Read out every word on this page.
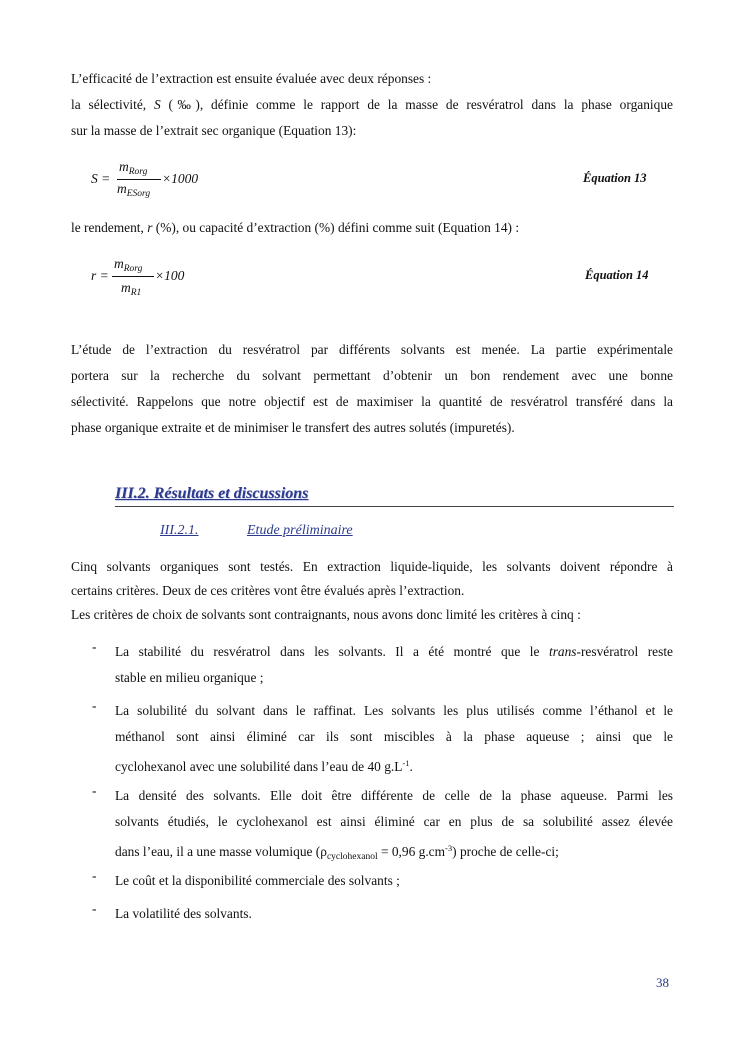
L’efficacité de l’extraction est ensuite évaluée avec deux réponses :
la sélectivité, S (‰), définie comme le rapport de la masse de resvératrol dans la phase organique
sur la masse de l’extrait sec organique (Equation 13):
S =
$m_{Rorg}$
$m_{ESorg}$
×1000	Équation 13
le rendement, r (%), ou capacité d’extraction (%) défini comme suit (Equation 14) :
r =
$m_{Rorg}$
$m_{R1}$
×100	Équation 14
L’étude de l’extraction du resvératrol par différents solvants est menée. La partie expérimentale
portera sur la recherche du solvant permettant d’obtenir un bon rendement avec une bonne
sélectivité. Rappelons que notre objectif est de maximiser la quantité de resvératrol transféré dans la
phase organique extraite et de minimiser le transfert des autres solutés (impuretés).
III.2. Résultats et discussions
III.2.1.	Etude préliminaire
Cinq solvants organiques sont testés. En extraction liquide-liquide, les solvants doivent répondre à
certains critères. Deux de ces critères vont être évalués après l’extraction.
Les critères de choix de solvants sont contraignants, nous avons donc limité les critères à cinq :
- La stabilité du resvératrol dans les solvants. Il a été montré que le trans-resvératrol reste
stable en milieu organique ;
- La solubilité du solvant dans le raffinat. Les solvants les plus utilisés comme l’éthanol et le
méthanol sont ainsi éliminé car ils sont miscibles à la phase aqueuse ; ainsi que le
cyclohexanol avec une solubilité dans l’eau de 40 $g.L^{-1}$.
- La densité des solvants. Elle doit être différente de celle de la phase aqueuse. Parmi les
solvants étudiés, le cyclohexanol est ainsi éliminé car en plus de sa solubilité assez élevée
dans l’eau, il a une masse volumique ($\rho_{cyclohexanol} = 0,96$ $g.cm^{-3}$) proche de celle-ci;
- Le coût et la disponibilité commerciale des solvants ;
- La volatilité des solvants.
38
